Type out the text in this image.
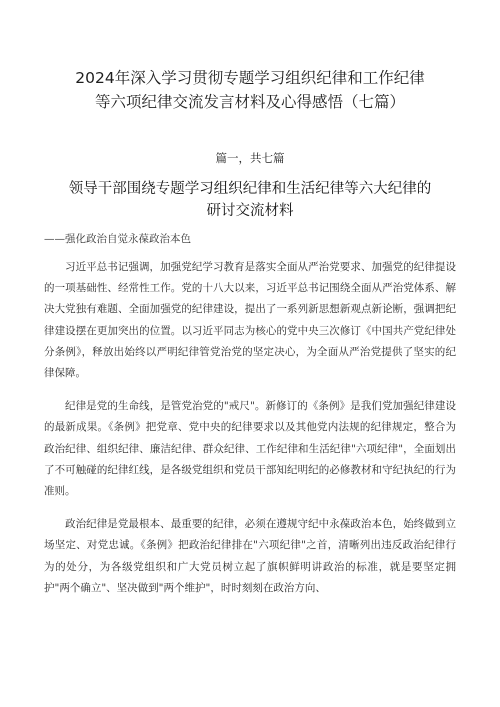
2024年深入学习贯彻专题学习组织纪律和工作纪律
等六项纪律交流发言材料及心得感悟（七篇）

篇一，共七篇

领导干部围绕专题学习组织纪律和生活纪律等六大纪律的
研讨交流材料

——强化政治自觉永葆政治本色

习近平总书记强调，加强党纪学习教育是落实全面从严治党要求、加强党的纪律提设的一项基础性、经常性工作。党的十八大以来，习近平总书记围绕全面从严治党体系、解决大党独有难题、全面加强党的纪律建设，提出了一系列新思想新观点新论断，强调把纪律建设摆在更加突出的位置。以习近平同志为核心的党中央三次修订《中国共产党纪律处分条例》，释放出始终以严明纪律管党治党的坚定决心，为全面从严治党提供了坚实的纪律保障。

纪律是党的生命线，是管党治党的"戒尺"。新修订的《条例》是我们党加强纪律建设的最新成果。《条例》把党章、党中央的纪律要求以及其他党内法规的纪律规定，整合为政治纪律、组织纪律、廉洁纪律、群众纪律、工作纪律和生活纪律"六项纪律"，全面划出了不可触碰的纪律红线，是各级党组织和党员干部知纪明纪的必修教材和守纪执纪的行为准则。

政治纪律是党最根本、最重要的纪律，必须在遵规守纪中永葆政治本色，始终做到立场坚定、对党忠诚。《条例》把政治纪律排在"六项纪律"之首，清晰列出违反政治纪律行为的处分，为各级党组织和广大党员树立起了旗帜鲜明讲政治的标准，就是要坚定拥护"两个确立"、坚决做到"两个维护"，时时刻刻在政治方向、
